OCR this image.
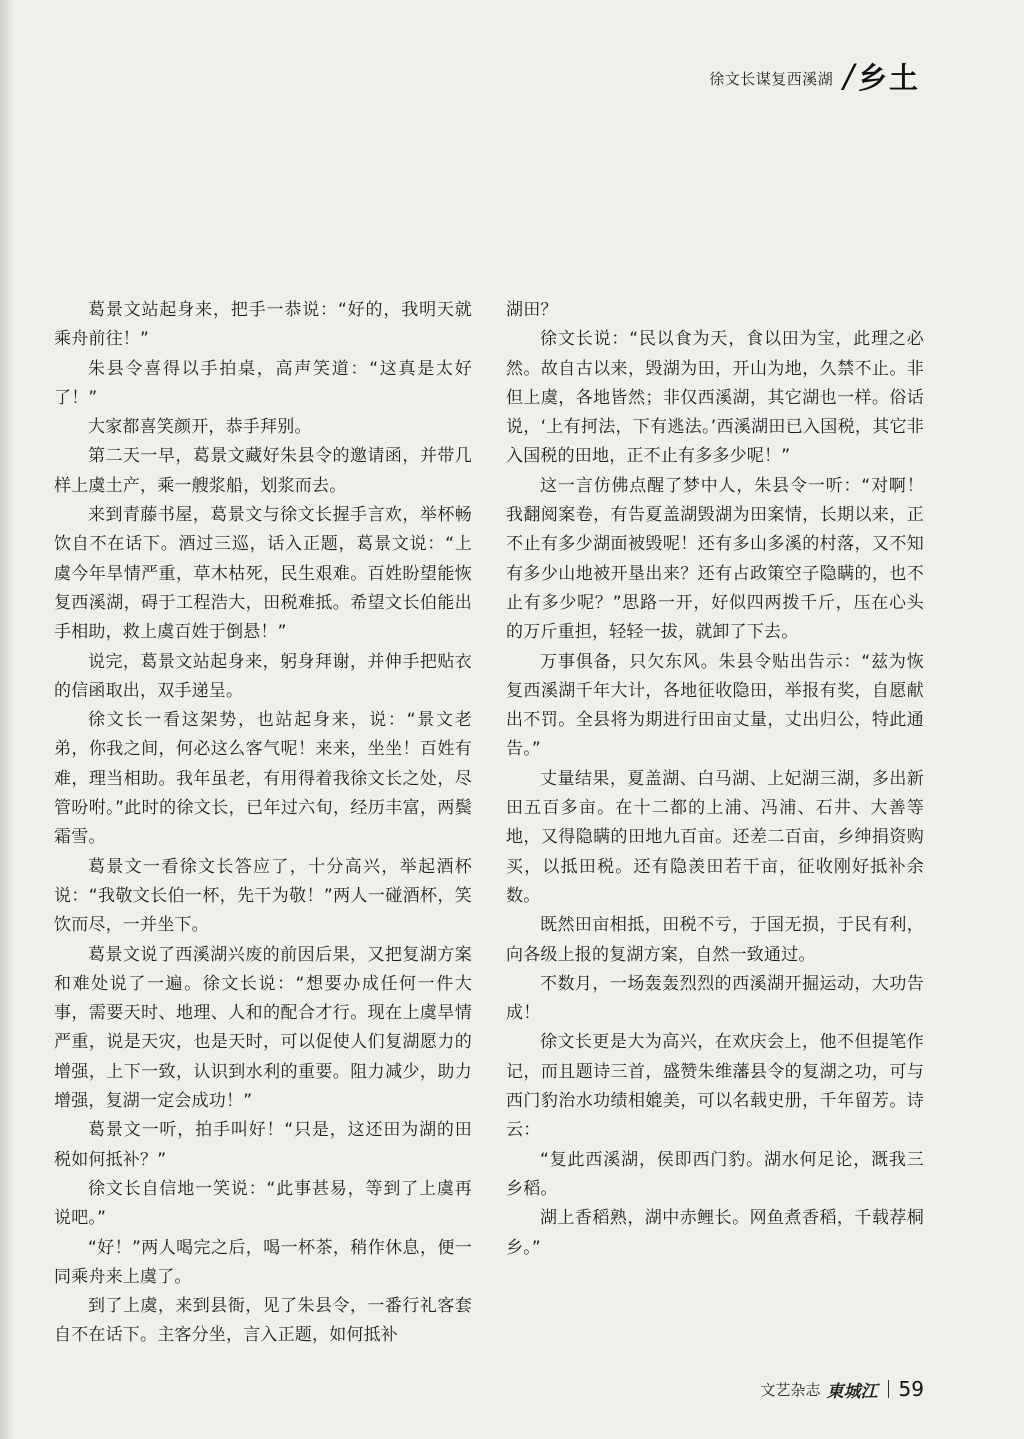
徐文长谋复西溪湖 / 乡土

葛景文站起身来，把手一恭说：“好的，我明天就乘舟前往！”

朱县令喜得以手拍桌，高声笑道：“这真是太好了！”

大家都喜笑颜开，恭手拜别。

第二天一早，葛景文藏好朱县令的邀请函，并带几样上虞土产，乘一艘浆船，划浆而去。

来到青藤书屋，葛景文与徐文长握手言欢，举杯畅饮自不在话下。酒过三巡，话入正题，葛景文说：“上虞今年旱情严重，草木枯死，民生艰难。百姓盼望能恢复西溪湖，碍于工程浩大，田税难抵。希望文长伯能出手相助，救上虞百姓于倒悬！”

说完，葛景文站起身来，躬身拜谢，并伸手把贴衣的信函取出，双手递呈。

徐文长一看这架势，也站起身来，说：“景文老弟，你我之间，何必这么客气呢！来来，坐坐！百姓有难，理当相助。我年虽老，有用得着我徐文长之处，尽管吩咐。”此时的徐文长，已年过六旬，经历丰富，两鬓霜雪。

葛景文一看徐文长答应了，十分高兴，举起酒杯说：“我敬文长伯一杯，先干为敬！”两人一碰酒杯，笑饮而尽，一并坐下。

葛景文说了西溪湖兴废的前因后果，又把复湖方案和难处说了一遍。徐文长说：“想要办成任何一件大事，需要天时、地理、人和的配合才行。现在上虞旱情严重，说是天灾，也是天时，可以促使人们复湖愿力的增强，上下一致，认识到水利的重要。阻力减少，助力增强，复湖一定会成功！”

葛景文一听，拍手叫好！“只是，这还田为湖的田税如何抵补？”

徐文长自信地一笑说：“此事甚易，等到了上虞再说吧。”

“好！”两人喝完之后，喝一杯茶，稍作休息，便一同乘舟来上虞了。

到了上虞，来到县衙，见了朱县令，一番行礼客套自不在话下。主客分坐，言入正题，如何抵补

湖田？

徐文长说：“民以食为天，食以田为宝，此理之必然。故自古以来，毁湖为田，开山为地，久禁不止。非但上虞，各地皆然；非仅西溪湖，其它湖也一样。俗话说，‘上有抲法，下有逃法。’西溪湖田已入国税，其它非入国税的田地，正不止有多多少呢！”

这一言仿佛点醒了梦中人，朱县令一听：“对啊！我翻阅案卷，有告夏盖湖毁湖为田案情，长期以来，正不止有多少湖面被毁呢！还有多山多溪的村落，又不知有多少山地被开垦出来？还有占政策空子隐瞒的，也不止有多少呢？”思路一开，好似四两拨千斤，压在心头的万斤重担，轻轻一拔，就卸了下去。

万事俱备，只欠东风。朱县令贴出告示：“兹为恢复西溪湖千年大计，各地征收隐田，举报有奖，自愿献出不罚。全县将为期进行田亩丈量，丈出归公，特此通告。”

丈量结果，夏盖湖、白马湖、上妃湖三湖，多出新田五百多亩。在十二都的上浦、冯浦、石井、大善等地，又得隐瞒的田地九百亩。还差二百亩，乡绅捐资购买，以抵田税。还有隐羡田若干亩，征收刚好抵补余数。

既然田亩相抵，田税不亏，于国无损，于民有利，向各级上报的复湖方案，自然一致通过。

不数月，一场轰轰烈烈的西溪湖开掘运动，大功告成！

徐文长更是大为高兴，在欢庆会上，他不但提笔作记，而且题诗三首，盛赞朱维藩县令的复湖之功，可与西门豹治水功绩相媲美，可以名载史册，千年留芳。诗云：

“复此西溪湖，侯即西门豹。湖水何足论，溉我三乡稻。

湖上香稻熟，湖中赤鲤长。网鱼煮香稻，千载荐桐乡。”

文艺杂志 東城江 59
